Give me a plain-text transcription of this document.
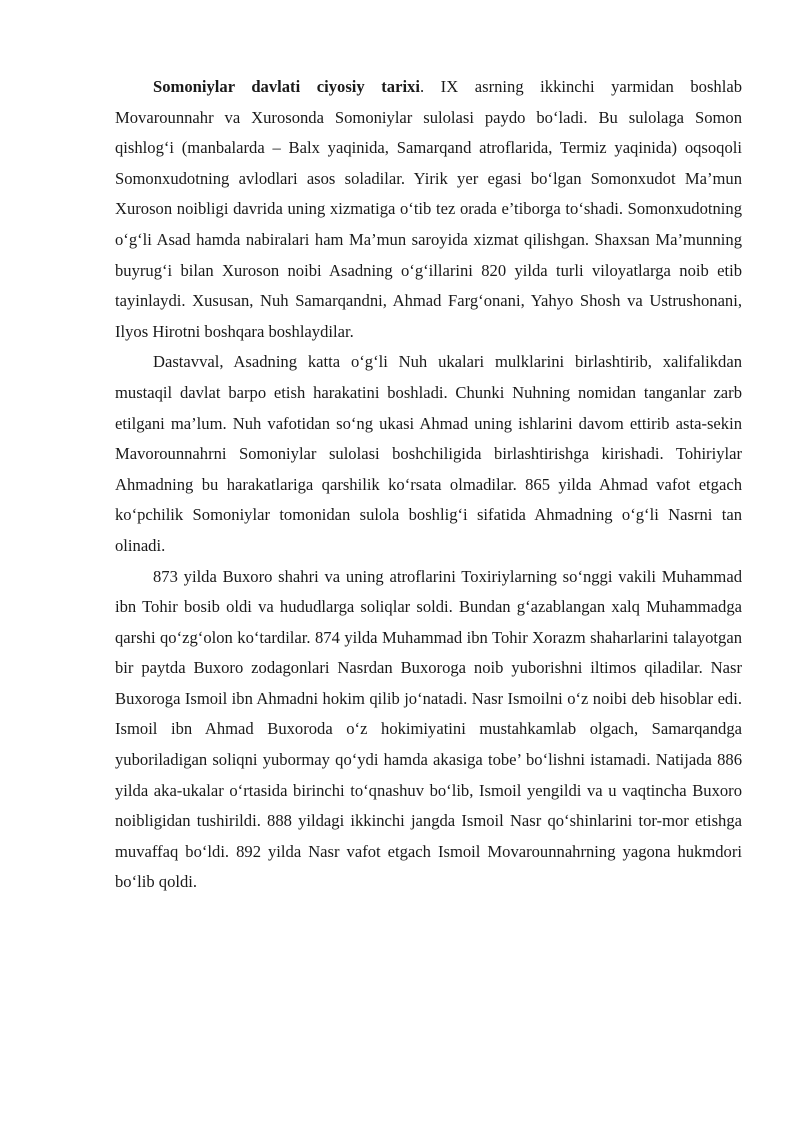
Somoniylar davlati ciyosiy tarixi. IX asrning ikkinchi yarmidan boshlab Movarounnahr va Xurosonda Somoniylar sulolasi paydo bo‘ladi. Bu sulolaga Somon qishlog‘i (manbalarda – Balx yaqinida, Samarqand atroflarida, Termiz yaqinida) oqsoqoli Somonxudotning avlodlari asos soladilar. Yirik yer egasi bo‘lgan Somonxudot Ma’mun Xuroson noibligi davrida uning xizmatiga o‘tib tez orada e’tiborga to‘shadi. Somonxudotning o‘g‘li Asad hamda nabiralari ham Ma’mun saroyida xizmat qilishgan. Shaxsan Ma’munning buyrug‘i bilan Xuroson noibi Asadning o‘g‘illarini 820 yilda turli viloyatlarga noib etib tayinlaydi. Xususan, Nuh Samarqandni, Ahmad Farg‘onani, Yahyo Shosh va Ustrushonani, Ilyos Hirotni boshqara boshlaydilar.

Dastavval, Asadning katta o‘g‘li Nuh ukalari mulklarini birlashtirib, xalifalikdan mustaqil davlat barpo etish harakatini boshladi. Chunki Nuhning nomidan tanganlar zarb etilgani ma’lum. Nuh vafotidan so‘ng ukasi Ahmad uning ishlarini davom ettirib asta-sekin Mavorounnahrni Somoniylar sulolasi boshchiligida birlashtirishga kirishadi. Tohiriylar Ahmadning bu harakatlariga qarshilik ko‘rsata olmadilar. 865 yilda Ahmad vafot etgach ko‘pchilik Somoniylar tomonidan sulola boshlig‘i sifatida Ahmadning o‘g‘li Nasrni tan olinadi.

873 yilda Buxoro shahri va uning atroflarini Toxiriylarning so‘nggi vakili Muhammad ibn Tohir bosib oldi va hududlarga soliqlar soldi. Bundan g‘azablangan xalq Muhammadga qarshi qo‘zg‘olon ko‘tardilar. 874 yilda Muhammad ibn Tohir Xorazm shaharlarini talayotgan bir paytda Buxoro zodagonlari Nasrdan Buxoroga noib yuborishni iltimos qiladilar. Nasr Buxoroga Ismoil ibn Ahmadni hokim qilib jo‘natadi. Nasr Ismoilni o‘z noibi deb hisoblar edi. Ismoil ibn Ahmad Buxoroda o‘z hokimiyatini mustahkamlab olgach, Samarqandga yuboriladigan soliqni yubormay qo‘ydi hamda akasiga tobe’ bo‘lishni istamadi. Natijada 886 yilda aka-ukalar o‘rtasida birinchi to‘qnashuv bo‘lib, Ismoil yengildi va u vaqtincha Buxoro noibligidan tushirildi. 888 yildagi ikkinchi jangda Ismoil Nasr qo‘shinlarini tor-mor etishga muvaffaq bo‘ldi. 892 yilda Nasr vafot etgach Ismoil Movarounnahrning yagona hukmdori bo‘lib qoldi.
